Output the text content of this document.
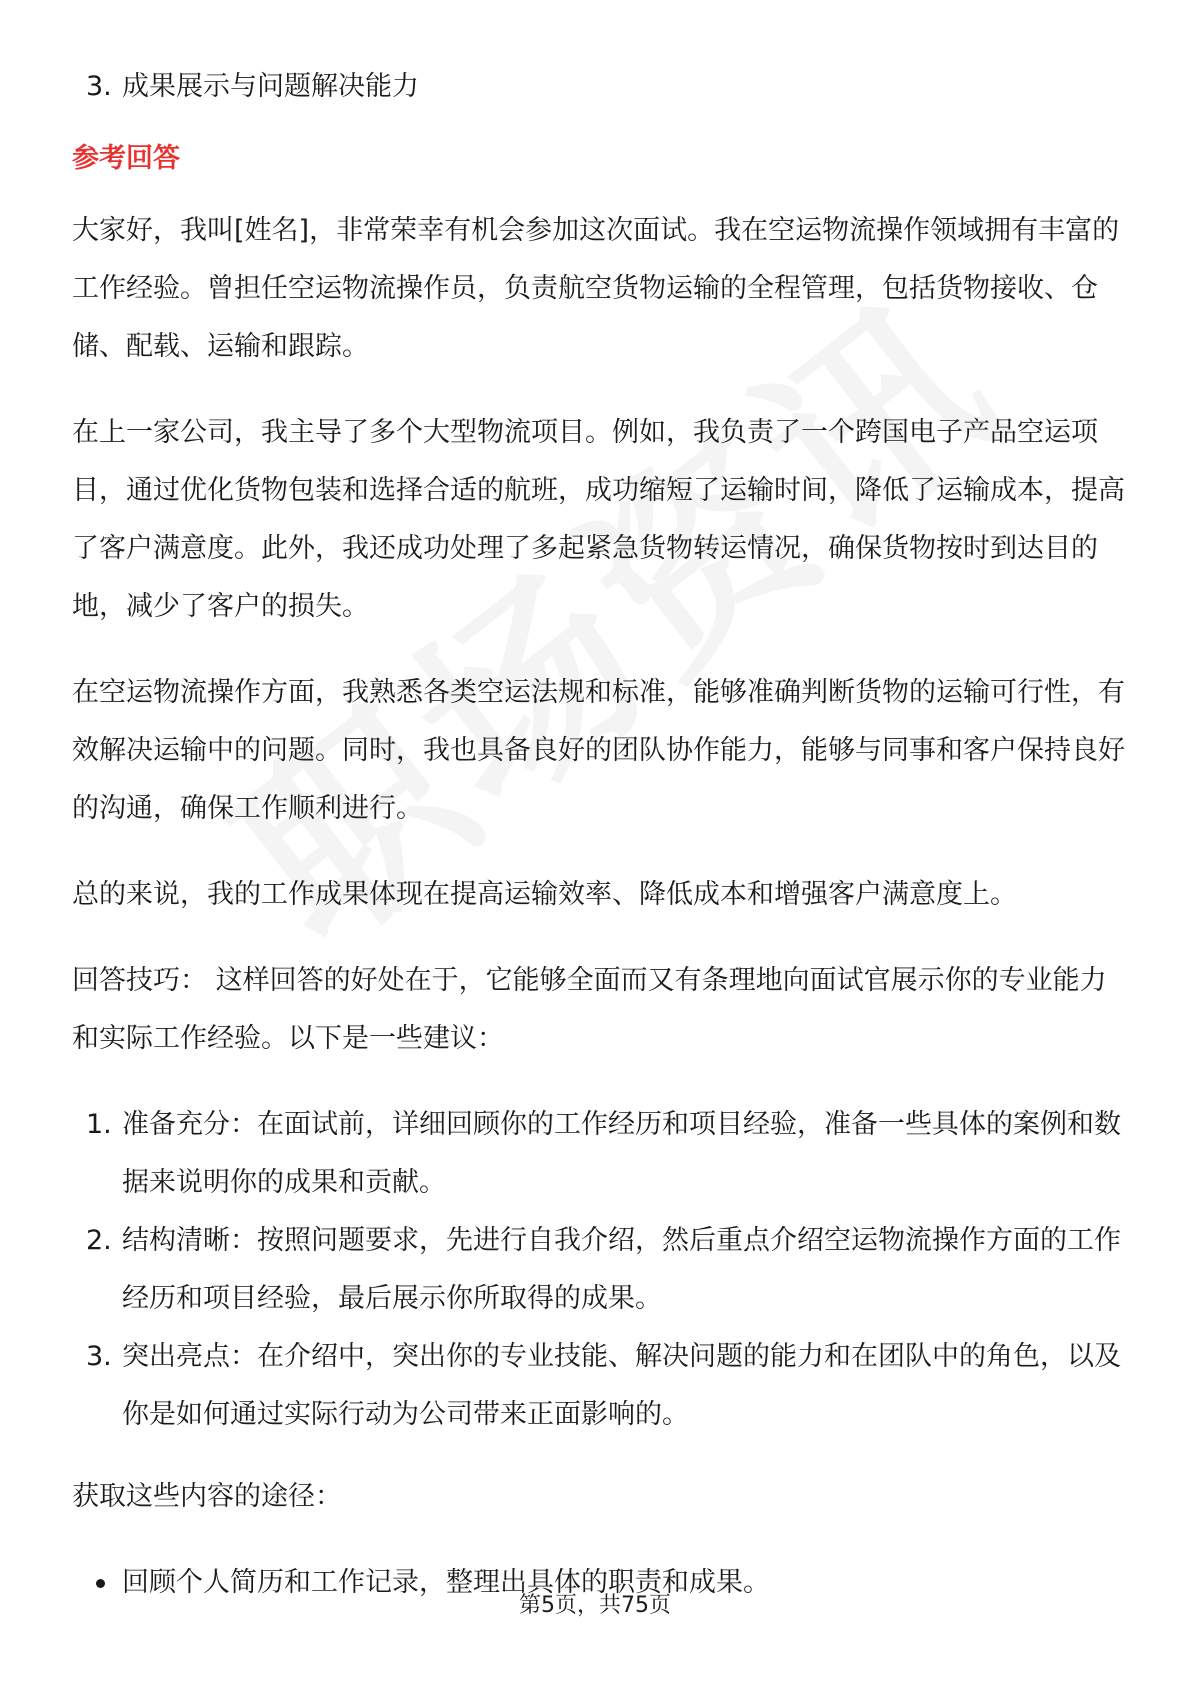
3. 成果展示与问题解决能力
参考回答

大家好，我叫[姓名]，非常荣幸有机会参加这次面试。我在空运物流操作领域拥有丰富的工作经验。曾担任空运物流操作员，负责航空货物运输的全程管理，包括货物接收、仓储、配载、运输和跟踪。

在上一家公司，我主导了多个大型物流项目。例如，我负责了一个跨国电子产品空运项目，通过优化货物包装和选择合适的航班，成功缩短了运输时间，降低了运输成本，提高了客户满意度。此外，我还成功处理了多起紧急货物转运情况，确保货物按时到达目的地，减少了客户的损失。

在空运物流操作方面，我熟悉各类空运法规和标准，能够准确判断货物的运输可行性，有效解决运输中的问题。同时，我也具备良好的团队协作能力，能够与同事和客户保持良好的沟通，确保工作顺利进行。

总的来说，我的工作成果体现在提高运输效率、降低成本和增强客户满意度上。

回答技巧： 这样回答的好处在于，它能够全面而又有条理地向面试官展示你的专业能力和实际工作经验。以下是一些建议：

1. 准备充分：在面试前，详细回顾你的工作经历和项目经验，准备一些具体的案例和数据来说明你的成果和贡献。
2. 结构清晰：按照问题要求，先进行自我介绍，然后重点介绍空运物流操作方面的工作经历和项目经验，最后展示你所取得的成果。
3. 突出亮点：在介绍中，突出你的专业技能、解决问题的能力和在团队中的角色，以及你是如何通过实际行动为公司带来正面影响的。

获取这些内容的途径：

回顾个人简历和工作记录，整理出具体的职责和成果。
第5页，共75页
